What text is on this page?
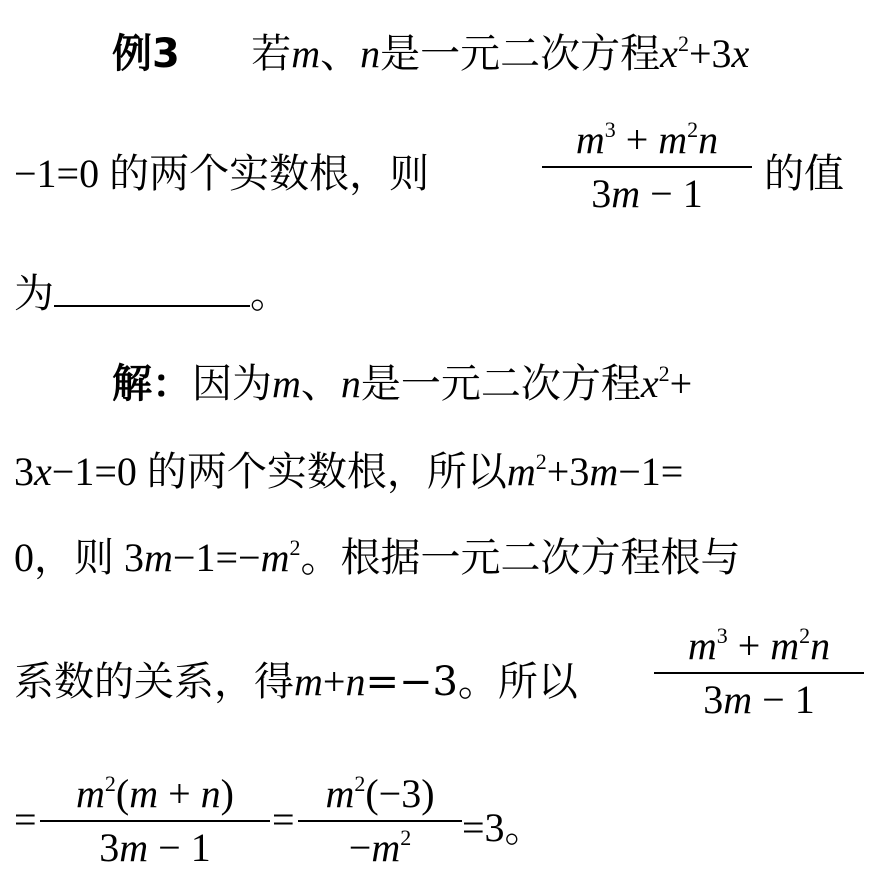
例3 若m、n是一元二次方程$x^2+3x$
−1=0 的两个实数根，则
$m^3 + m^2n$
3m − 1	的值
为	。
解：因为m、n是一元二次方程$x^2+$
3x−1=0 的两个实数根，所以$m^2+3m-1=$
0，则 $3m-1=-m^2$。根据一元二次方程根与
系数的关系，得m+n=−3。所以
$m^3 + m^2n$
3m − 1
=
$m^2(m + n)$
3m − 1
=
$m^2(-3)$
$-m^2$	=3。
